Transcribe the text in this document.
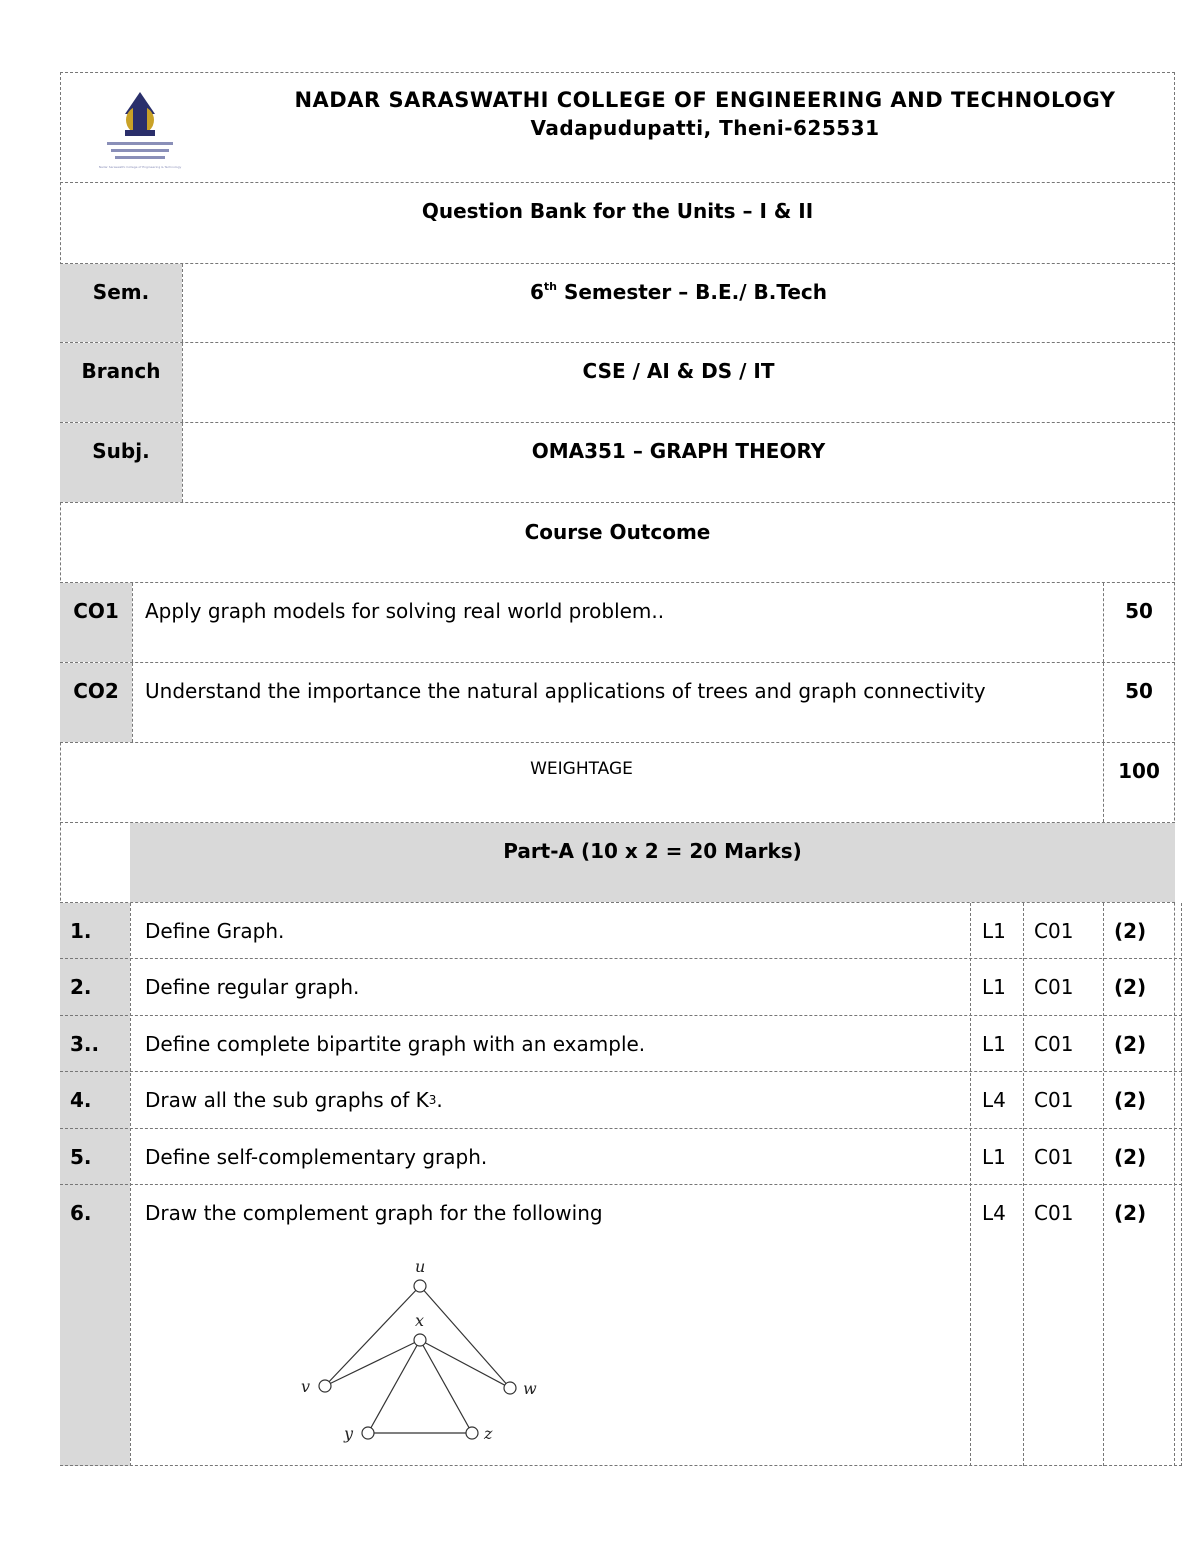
Nadar Saraswathi College of Engineering & Technology
NADAR SARASWATHI COLLEGE OF ENGINEERING AND TECHNOLOGY
Vadapudupatti, Theni-625531
Question Bank for the Units – I & II
Sem.	6th Semester – B.E./ B.Tech
Branch	CSE / AI & DS / IT
Subj.	OMA351 – GRAPH THEORY
Course Outcome
CO1	Apply graph models for solving real world problem..	50
CO2	Understand the importance the natural applications of trees and graph connectivity	50
WEIGHTAGE	100
Part-A (10 x 2 = 20 Marks)
1.	Define Graph.	L1	C01	(2)
2.	Define regular graph.	L1	C01	(2)
3..	Define complete bipartite graph with an example.	L1	C01	(2)
4.	Draw all the sub graphs of K 3 .	L4	C01	(2)
5.	Define self-complementary graph.	L1	C01	(2)
6.	Draw the complement graph for the following	L4	C01	(2)
u
x
v	w
y	z
